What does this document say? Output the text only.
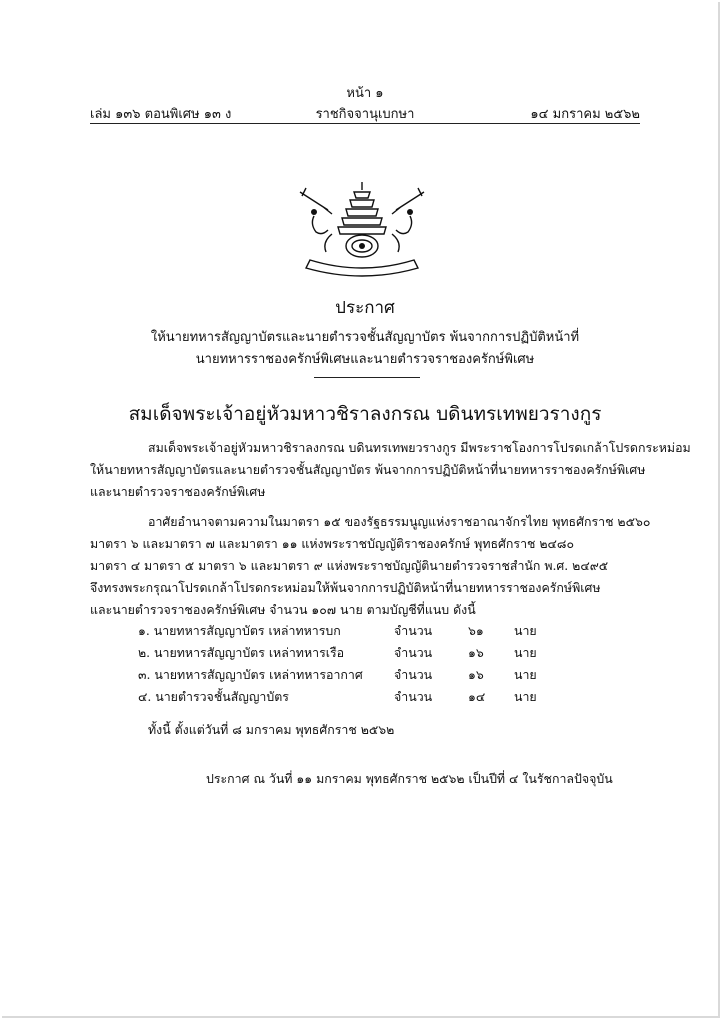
หน้า ๑
เล่ม ๑๓๖ ตอนพิเศษ ๑๓ ง	ราชกิจจานุเบกษา	๑๔ มกราคม ๒๕๖๒
ประกาศ
ให้นายทหารสัญญาบัตรและนายตำรวจชั้นสัญญาบัตร พ้นจากการปฏิบัติหน้าที่
นายทหารราชองครักษ์พิเศษและนายตำรวจราชองครักษ์พิเศษ
สมเด็จพระเจ้าอยู่หัวมหาวชิราลงกรณ บดินทรเทพยวรางกูร
สมเด็จพระเจ้าอยู่หัวมหาวชิราลงกรณ บดินทรเทพยวรางกูร มีพระราชโองการโปรดเกล้าโปรดกระหม่อม
ให้นายทหารสัญญาบัตรและนายตำรวจชั้นสัญญาบัตร พ้นจากการปฏิบัติหน้าที่นายทหารราชองครักษ์พิเศษ
และนายตำรวจราชองครักษ์พิเศษ
อาศัยอำนาจตามความในมาตรา ๑๕ ของรัฐธรรมนูญแห่งราชอาณาจักรไทย พุทธศักราช ๒๕๖๐
มาตรา ๖ และมาตรา ๗ และมาตรา ๑๑ แห่งพระราชบัญญัติราชองครักษ์ พุทธศักราช ๒๔๘๐
มาตรา ๔ มาตรา ๕ มาตรา ๖ และมาตรา ๙ แห่งพระราชบัญญัตินายตำรวจราชสำนัก พ.ศ. ๒๔๙๕
จึงทรงพระกรุณาโปรดเกล้าโปรดกระหม่อมให้พ้นจากการปฏิบัติหน้าที่นายทหารราชองครักษ์พิเศษ
และนายตำรวจราชองครักษ์พิเศษ จำนวน ๑๐๗ นาย ตามบัญชีที่แนบ ดังนี้
๑. นายทหารสัญญาบัตร เหล่าทหารบก	จำนวน	๖๑ นาย
๒. นายทหารสัญญาบัตร เหล่าทหารเรือ	จำนวน	๑๖ นาย
๓. นายทหารสัญญาบัตร เหล่าทหารอากาศ	จำนวน	๑๖ นาย
๔. นายตำรวจชั้นสัญญาบัตร	จำนวน	๑๔ นาย
ทั้งนี้ ตั้งแต่วันที่ ๘ มกราคม พุทธศักราช ๒๕๖๒
ประกาศ ณ วันที่ ๑๑ มกราคม พุทธศักราช ๒๕๖๒ เป็นปีที่ ๔ ในรัชกาลปัจจุบัน
